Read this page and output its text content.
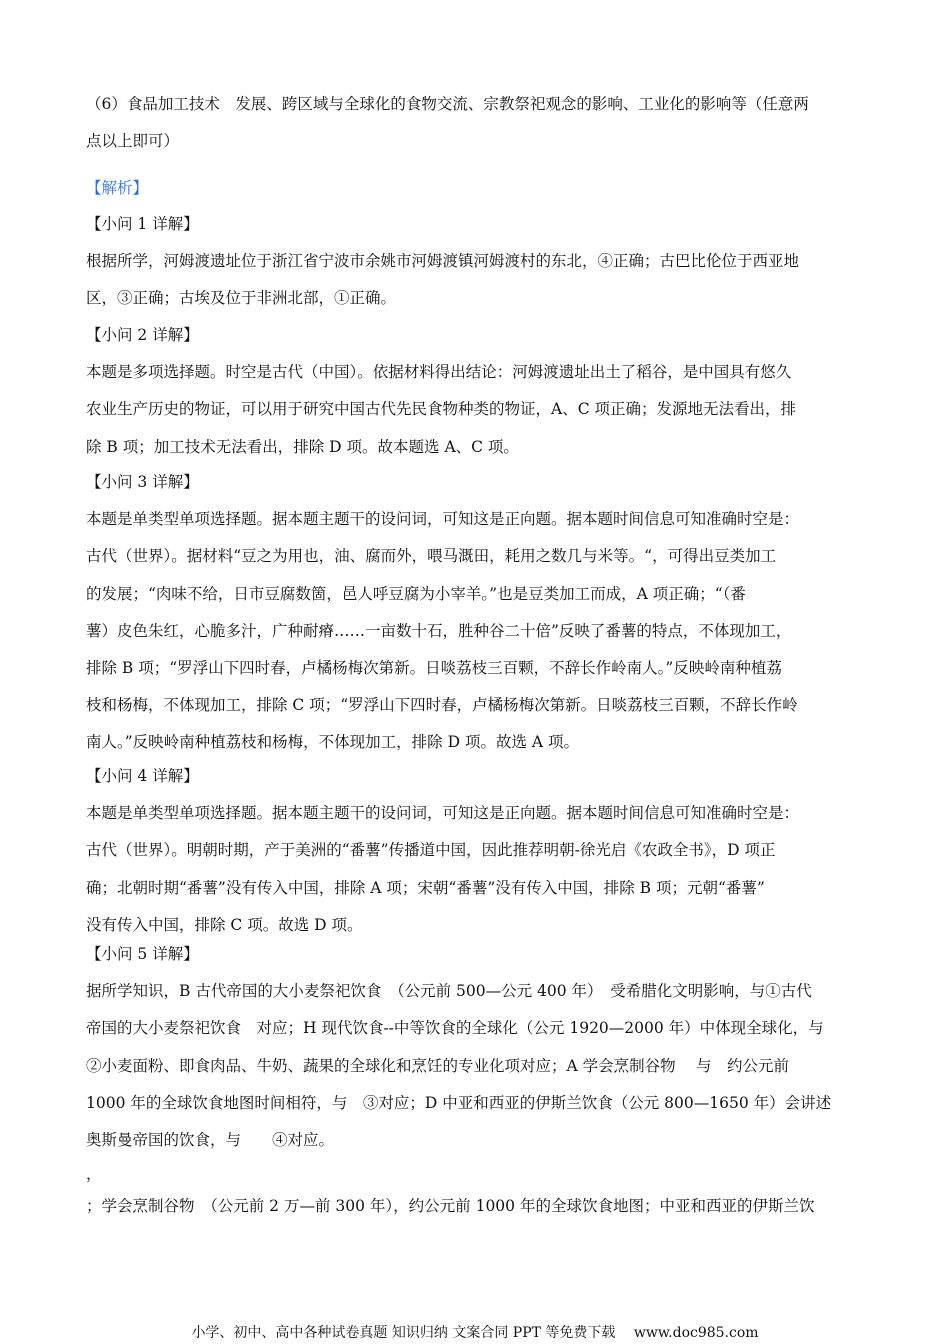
（6）食品加工技术　发展、跨区域与全球化的食物交流、宗教祭祀观念的影响、工业化的影响等（任意两
点以上即可）
【解析】
【小问 1 详解】
根据所学，河姆渡遗址位于浙江省宁波市余姚市河姆渡镇河姆渡村的东北，④正确；古巴比伦位于西亚地
区，③正确；古埃及位于非洲北部，①正确。
【小问 2 详解】
本题是多项选择题。时空是古代（中国）。依据材料得出结论：河姆渡遗址出土了稻谷，是中国具有悠久
农业生产历史的物证，可以用于研究中国古代先民食物种类的物证，A、C 项正确；发源地无法看出，排
除 B 项；加工技术无法看出，排除 D 项。故本题选 A、C 项。
【小问 3 详解】
本题是单类型单项选择题。据本题主题干的设问词，可知这是正向题。据本题时间信息可知准确时空是：
古代（世界）。据材料“豆之为用也，油、腐而外，喂马溉田，耗用之数几与米等。“，可得出豆类加工
的发展；“肉味不给，日市豆腐数箇，邑人呼豆腐为小宰羊。”也是豆类加工而成，A 项正确；“（番
薯）皮色朱红，心脆多汁，广种耐瘠……一亩数十石，胜种谷二十倍”反映了番薯的特点，不体现加工，
排除 B 项；“罗浮山下四时春，卢橘杨梅次第新。日啖荔枝三百颗，不辞长作岭南人。”反映岭南种植荔
枝和杨梅，不体现加工，排除 C 项；“罗浮山下四时春，卢橘杨梅次第新。日啖荔枝三百颗，不辞长作岭
南人。”反映岭南种植荔枝和杨梅，不体现加工，排除 D 项。故选 A 项。
【小问 4 详解】
本题是单类型单项选择题。据本题主题干的设问词，可知这是正向题。据本题时间信息可知准确时空是：
古代（世界）。明朝时期，产于美洲的“番薯”传播道中国，因此推荐明朝-徐光启《农政全书》，D 项正
确；北朝时期“番薯”没有传入中国，排除 A 项；宋朝“番薯”没有传入中国，排除 B 项；元朝“番薯”
没有传入中国，排除 C 项。故选 D 项。
【小问 5 详解】
据所学知识，B 古代帝国的大小麦祭祀饮食　（公元前 500—公元 400 年）　受希腊化文明影响，与①古代
帝国的大小麦祭祀饮食　对应；H 现代饮食--中等饮食的全球化（公元 1920—2000 年）中体现全球化，与
②小麦面粉、即食肉品、牛奶、蔬果的全球化和烹饪的专业化项对应；A 学会烹制谷物　 与　约公元前
1000 年的全球饮食地图时间相符，与　③对应；D 中亚和西亚的伊斯兰饮食（公元 800—1650 年）会讲述
奥斯曼帝国的饮食，与　　④对应。
，
；学会烹制谷物　（公元前 2 万—前 300 年），约公元前 1000 年的全球饮食地图；中亚和西亚的伊斯兰饮
小学、初中、高中各种试卷真题 知识归纳 文案合同 PPT 等免费下载　 www.doc985.com
